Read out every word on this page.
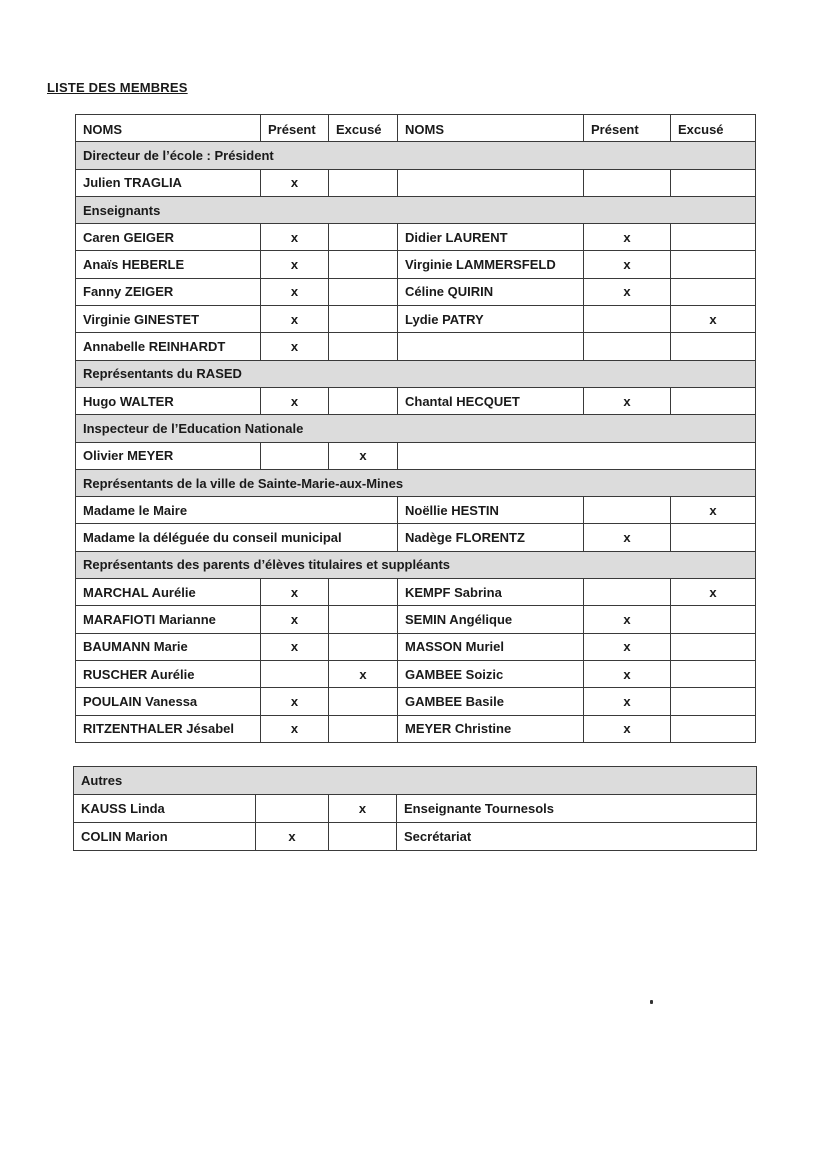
LISTE DES MEMBRES
NOMS	Présent	Excusé	NOMS	Présent	Excusé
Directeur de l’école : Président					
Julien TRAGLIA	x				
Enseignants					
Caren GEIGER	x		Didier LAURENT	x	
Anaïs HEBERLE	x		Virginie LAMMERSFELD	x	
Fanny ZEIGER	x		Céline QUIRIN	x	
Virginie GINESTET	x		Lydie PATRY		x
Annabelle REINHARDT	x				
Représentants du RASED					
Hugo WALTER	x		Chantal HECQUET	x	
Inspecteur de l’Education Nationale					
Olivier MEYER		x			
Représentants de la ville de Sainte-Marie-aux-Mines					
Madame le Maire			Noëllie HESTIN		x
Madame la déléguée du conseil municipal			Nadège FLORENTZ	x	
Représentants des parents d’élèves titulaires et suppléants					
MARCHAL Aurélie	x		KEMPF Sabrina		x
MARAFIOTI Marianne	x		SEMIN Angélique	x	
BAUMANN Marie	x		MASSON Muriel	x	
RUSCHER Aurélie		x	GAMBEE Soizic	x	
POULAIN Vanessa	x		GAMBEE Basile	x	
RITZENTHALER Jésabel	x		MEYER Christine	x	
Autres			
KAUSS Linda		x	Enseignante Tournesols
COLIN Marion	x		Secrétariat
